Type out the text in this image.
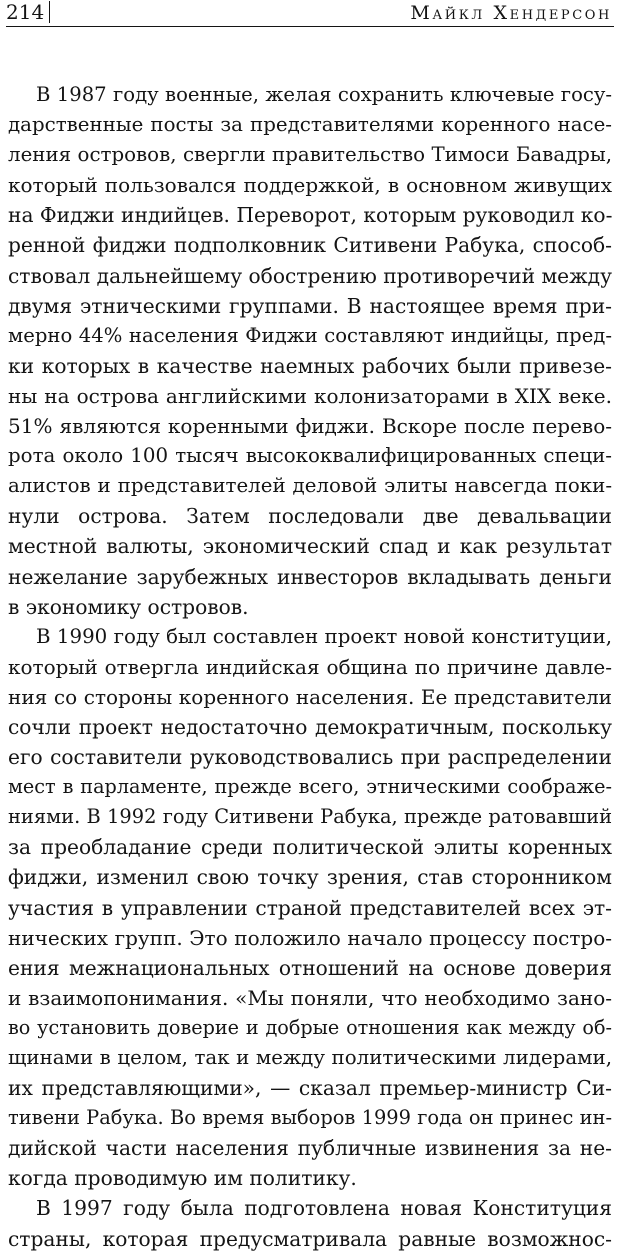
214	Майкл Хендерсон
В 1987 году военные, желая сохранить ключевые госу-
дарственные посты за представителями коренного насе-
ления островов, свергли правительство Тимоси Бавадры,
который пользовался поддержкой, в основном живущих
на Фиджи индийцев. Переворот, которым руководил ко-
ренной фиджи подполковник Ситивени Рабука, способ-
ствовал дальнейшему обострению противоречий между
двумя этническими группами. В настоящее время при-
мерно 44% населения Фиджи составляют индийцы, пред-
ки которых в качестве наемных рабочих были привезе-
ны на острова английскими колонизаторами в XIX веке.
51% являются коренными фиджи. Вскоре после перево-
рота около 100 тысяч высококвалифицированных специ-
алистов и представителей деловой элиты навсегда поки-
нули острова. Затем последовали две девальвации
местной валюты, экономический спад и как результат
нежелание зарубежных инвесторов вкладывать деньги
в экономику островов.
В 1990 году был составлен проект новой конституции,
который отвергла индийская община по причине давле-
ния со стороны коренного населения. Ее представители
сочли проект недостаточно демократичным, поскольку
его составители руководствовались при распределении
мест в парламенте, прежде всего, этническими соображе-
ниями. В 1992 году Ситивени Рабука, прежде ратовавший
за преобладание среди политической элиты коренных
фиджи, изменил свою точку зрения, став сторонником
участия в управлении страной представителей всех эт-
нических групп. Это положило начало процессу постро-
ения межнациональных отношений на основе доверия
и взаимопонимания. «Мы поняли, что необходимо зано-
во установить доверие и добрые отношения как между об-
щинами в целом, так и между политическими лидерами,
их представляющими», — сказал премьер-министр Си-
тивени Рабука. Во время выборов 1999 года он принес ин-
дийской части населения публичные извинения за не-
когда проводимую им политику.
В 1997 году была подготовлена новая Конституция
страны, которая предусматривала равные возможнос-
